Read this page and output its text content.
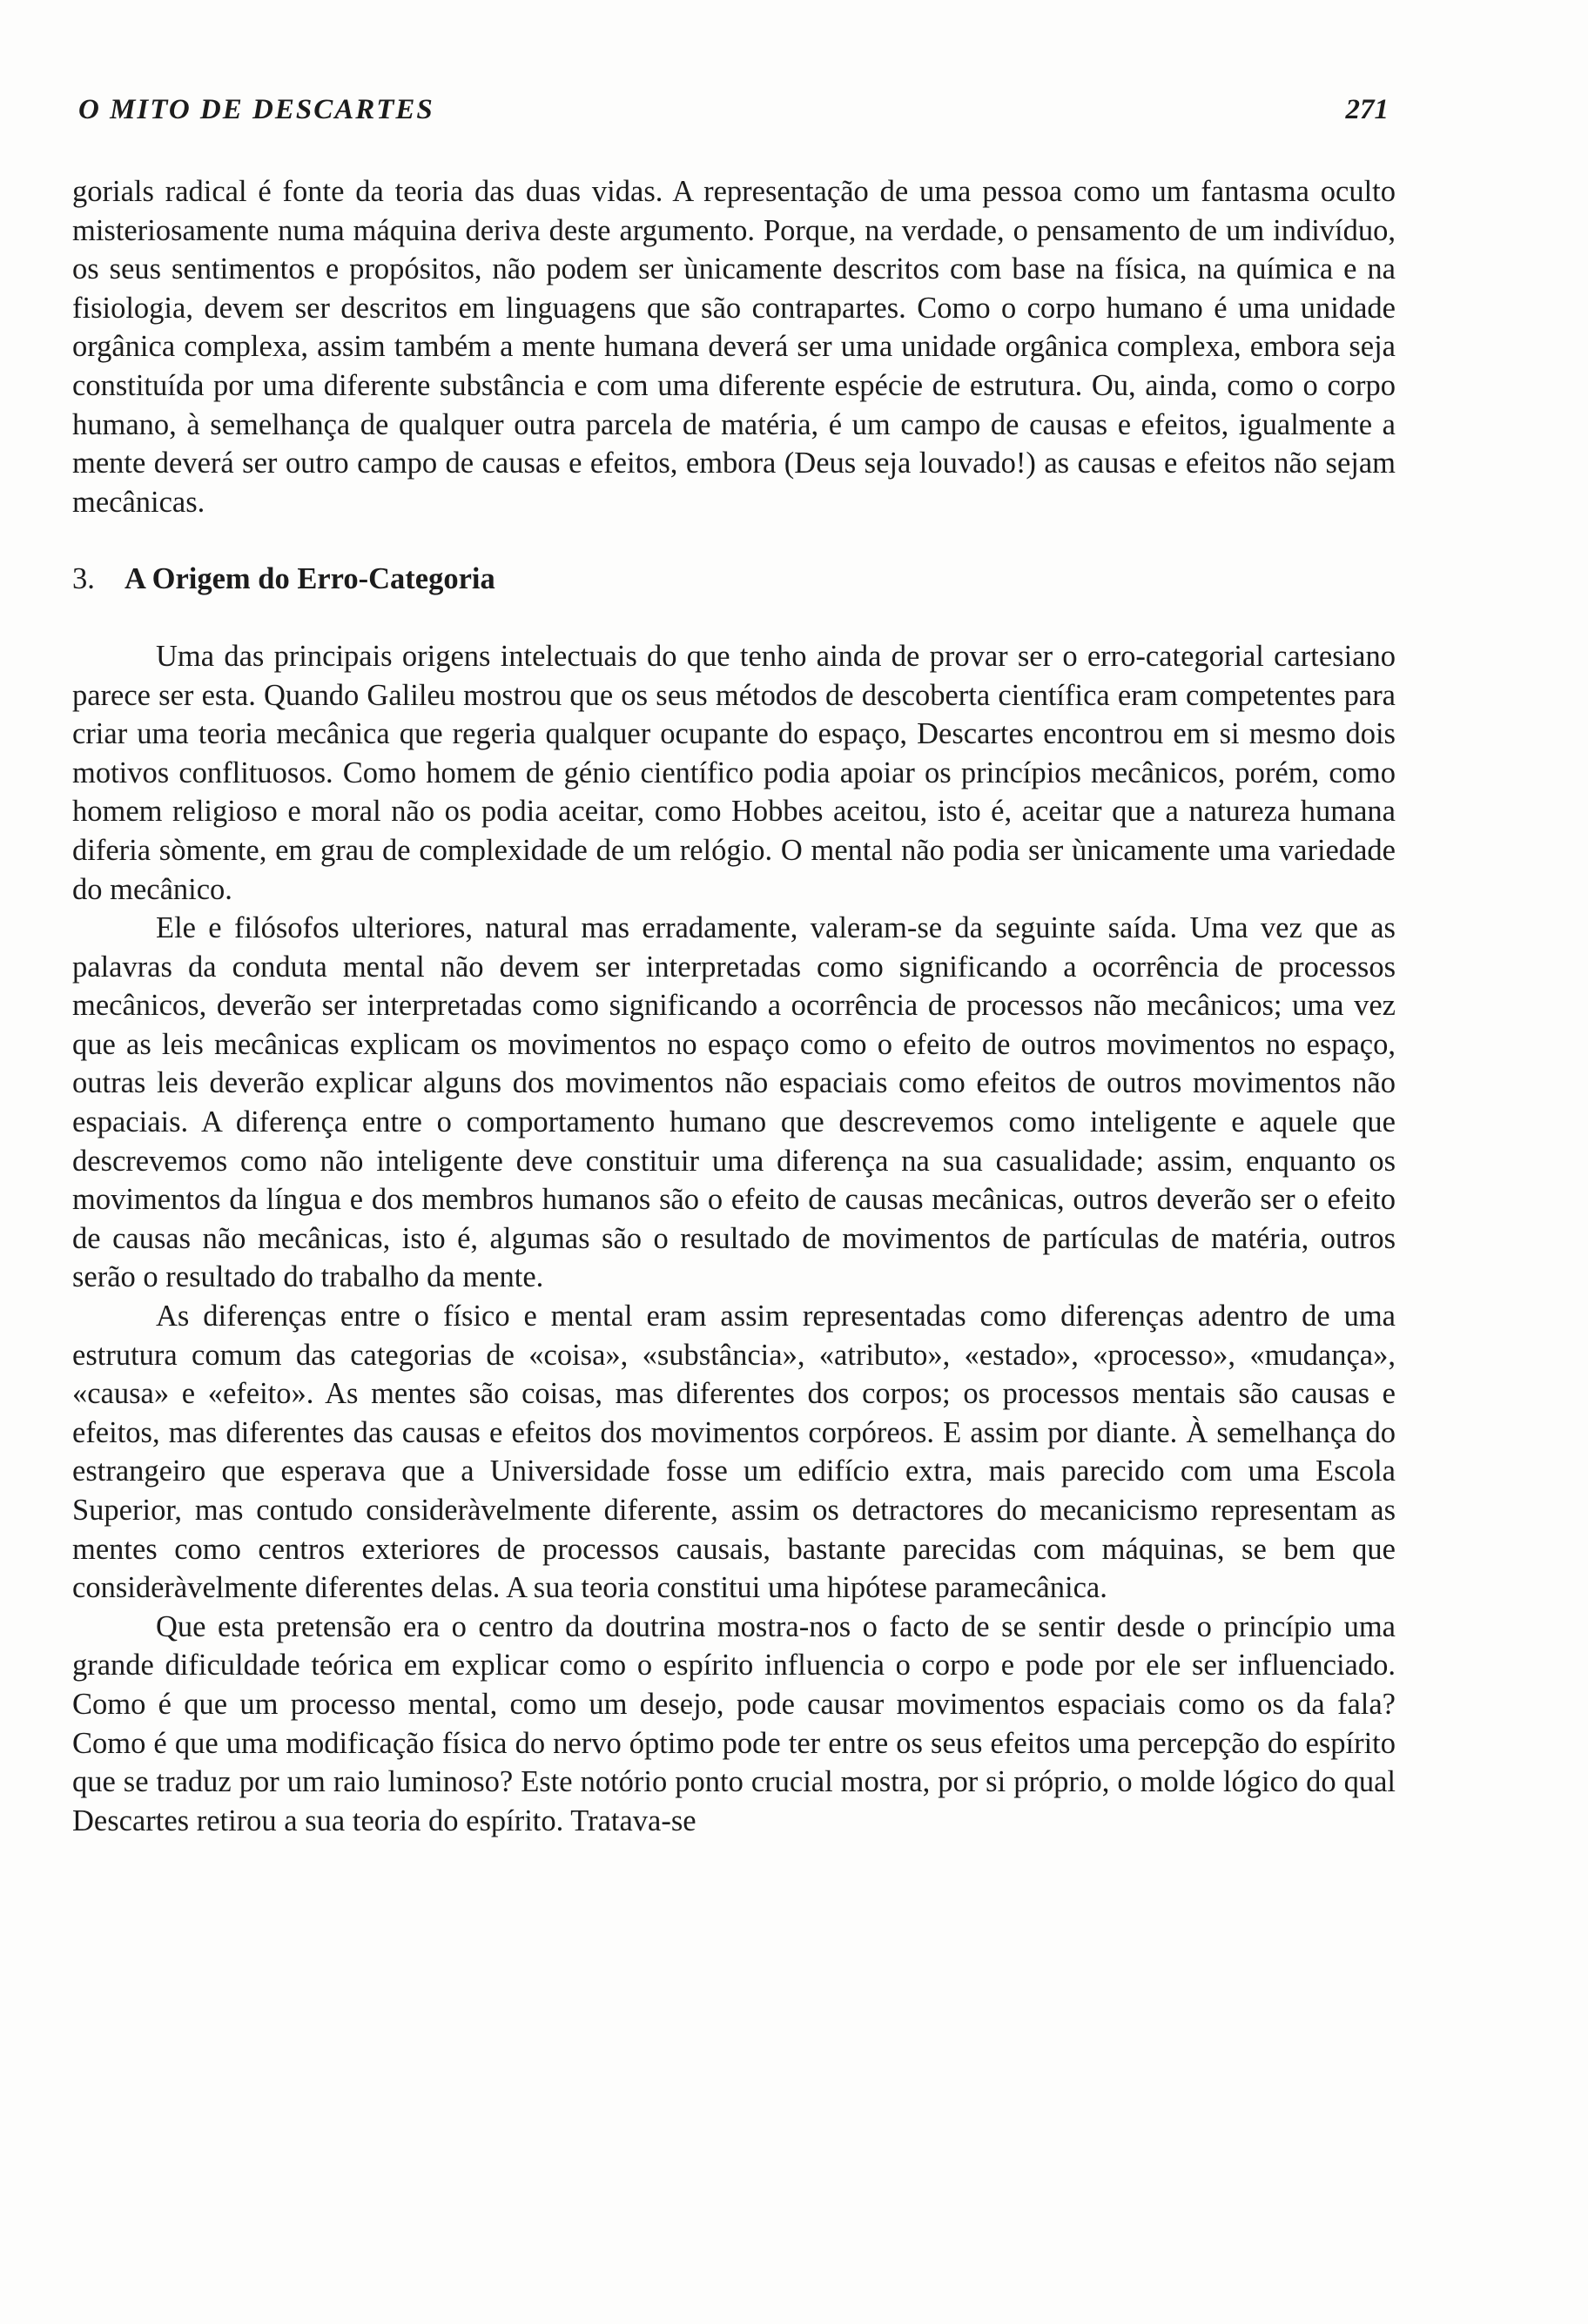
O MITO DE DESCARTES	271

gorials radical é fonte da teoria das duas vidas. A representação de uma pessoa como um fantasma oculto misteriosamente numa máquina deriva deste argumento. Porque, na verdade, o pensamento de um indivíduo, os seus sentimentos e propósitos, não podem ser ùnicamente descritos com base na física, na química e na fisiologia, devem ser descritos em linguagens que são contrapartes. Como o corpo humano é uma unidade orgânica complexa, assim também a mente humana deverá ser uma unidade orgânica complexa, embora seja constituída por uma diferente substância e com uma diferente espécie de estrutura. Ou, ainda, como o corpo humano, à semelhança de qualquer outra parcela de matéria, é um campo de causas e efeitos, igualmente a mente deverá ser outro campo de causas e efeitos, embora (Deus seja louvado!) as causas e efeitos não sejam mecânicas.

3. A Origem do Erro-Categoria

Uma das principais origens intelectuais do que tenho ainda de provar ser o erro-categorial cartesiano parece ser esta. Quando Galileu mostrou que os seus métodos de descoberta científica eram competentes para criar uma teoria mecânica que regeria qualquer ocupante do espaço, Descartes encontrou em si mesmo dois motivos conflituosos. Como homem de génio científico podia apoiar os princípios mecânicos, porém, como homem religioso e moral não os podia aceitar, como Hobbes aceitou, isto é, aceitar que a natureza humana diferia sòmente, em grau de complexidade de um relógio. O mental não podia ser ùnicamente uma variedade do mecânico.

Ele e filósofos ulteriores, natural mas erradamente, valeram-se da seguinte saída. Uma vez que as palavras da conduta mental não devem ser interpretadas como significando a ocorrência de processos mecânicos, deverão ser interpretadas como significando a ocorrência de processos não mecânicos; uma vez que as leis mecânicas explicam os movimentos no espaço como o efeito de outros movimentos no espaço, outras leis deverão explicar alguns dos movimentos não espaciais como efeitos de outros movimentos não espaciais. A diferença entre o comportamento humano que descrevemos como inteligente e aquele que descrevemos como não inteligente deve constituir uma diferença na sua casualidade; assim, enquanto os movimentos da língua e dos membros humanos são o efeito de causas mecânicas, outros deverão ser o efeito de causas não mecânicas, isto é, algumas são o resultado de movimentos de partículas de matéria, outros serão o resultado do trabalho da mente.

As diferenças entre o físico e mental eram assim representadas como diferenças adentro de uma estrutura comum das categorias de «coisa», «substância», «atributo», «estado», «processo», «mudança», «causa» e «efeito». As mentes são coisas, mas diferentes dos corpos; os processos mentais são causas e efeitos, mas diferentes das causas e efeitos dos movimentos corpóreos. E assim por diante. À semelhança do estrangeiro que esperava que a Universidade fosse um edifício extra, mais parecido com uma Escola Superior, mas contudo consideràvelmente diferente, assim os detractores do mecanicismo representam as mentes como centros exteriores de processos causais, bastante parecidas com máquinas, se bem que consideràvelmente diferentes delas. A sua teoria constitui uma hipótese paramecânica.

Que esta pretensão era o centro da doutrina mostra-nos o facto de se sentir desde o princípio uma grande dificuldade teórica em explicar como o espírito influencia o corpo e pode por ele ser influenciado. Como é que um processo mental, como um desejo, pode causar movimentos espaciais como os da fala? Como é que uma modificação física do nervo óptimo pode ter entre os seus efeitos uma percepção do espírito que se traduz por um raio luminoso? Este notório ponto crucial mostra, por si próprio, o molde lógico do qual Descartes retirou a sua teoria do espírito. Tratava-se
